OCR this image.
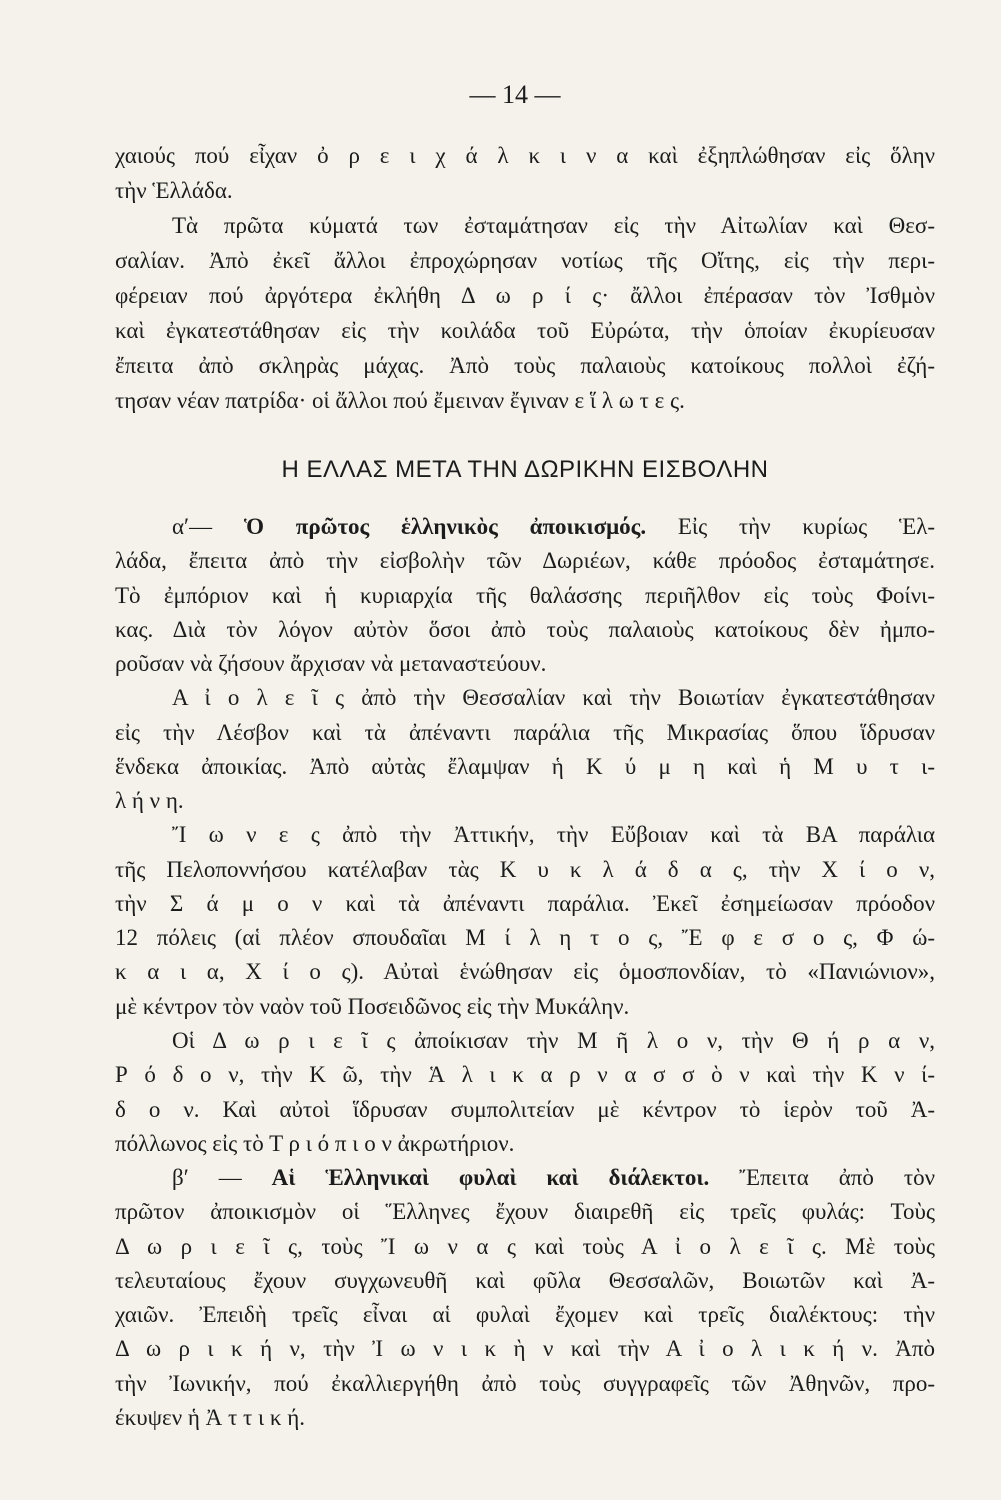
— 14 —
χαιούς πού εἶχαν ὀ ρ ε ι χ ά λ κ ι ν α καὶ ἐξηπλώθησαν εἰς ὅλην
τὴν Ἑλλάδα.
Τὰ πρῶτα κύματά των ἐσταμάτησαν εἰς τὴν Αἰτωλίαν καὶ Θεσ-
σαλίαν. Ἀπὸ ἐκεῖ ἄλλοι ἐπροχώρησαν νοτίως τῆς Οἴτης, εἰς τὴν περι-
φέρειαν πού ἀργότερα ἐκλήθη Δ ω ρ ί ς· ἄλλοι ἐπέρασαν τὸν Ἰσθμὸν
καὶ ἐγκατεστάθησαν εἰς τὴν κοιλάδα τοῦ Εὐρώτα, τὴν ὁποίαν ἐκυρίευσαν
ἔπειτα ἀπὸ σκληρὰς μάχας. Ἀπὸ τοὺς παλαιοὺς κατοίκους πολλοὶ ἐζή-
τησαν νέαν πατρίδα· οἱ ἄλλοι πού ἔμειναν ἔγιναν ε ἵ λ ω τ ε ς.
Η ΕΛΛΑΣ ΜΕΤΑ ΤΗΝ ΔΩΡΙΚΗΝ ΕΙΣΒΟΛΗΝ
α′— Ὁ πρῶτος ἑλληνικὸς ἀποικισμός. Εἰς τὴν κυρίως Ἑλ-
λάδα, ἔπειτα ἀπὸ τὴν εἰσβολὴν τῶν Δωριέων, κάθε πρόοδος ἐσταμάτησε.
Τὸ ἐμπόριον καὶ ἡ κυριαρχία τῆς θαλάσσης περιῆλθον εἰς τοὺς Φοίνι-
κας. Διὰ τὸν λόγον αὐτὸν ὅσοι ἀπὸ τοὺς παλαιοὺς κατοίκους δὲν ἠμπο-
ροῦσαν νὰ ζήσουν ἄρχισαν νὰ μεταναστεύουν.
Α ἰ ο λ ε ῖ ς ἀπὸ τὴν Θεσσαλίαν καὶ τὴν Βοιωτίαν ἐγκατεστάθησαν
εἰς τὴν Λέσβον καὶ τὰ ἀπέναντι παράλια τῆς Μικρασίας ὅπου ἵδρυσαν
ἕνδεκα ἀποικίας. Ἀπὸ αὐτὰς ἔλαμψαν ἡ Κ ύ μ η καὶ ἡ Μ υ τ ι-
λ ή ν η.
Ἴ ω ν ε ς ἀπὸ τὴν Ἀττικήν, τὴν Εὔβοιαν καὶ τὰ ΒΑ παράλια
τῆς Πελοποννήσου κατέλαβαν τὰς Κ υ κ λ ά δ α ς, τὴν Χ ί ο ν,
τὴν Σ ά μ ο ν καὶ τὰ ἀπέναντι παράλια. Ἐκεῖ ἐσημείωσαν πρόοδον
12 πόλεις (αἱ πλέον σπουδαῖαι Μ ί λ η τ ο ς, Ἔ φ ε σ ο ς, Φ ώ-
κ α ι α, Χ ί ο ς). Αὐταὶ ἑνώθησαν εἰς ὁμοσπονδίαν, τὸ «Πανιώνιον»,
μὲ κέντρον τὸν ναὸν τοῦ Ποσειδῶνος εἰς τὴν Μυκάλην.
Οἱ Δ ω ρ ι ε ῖ ς ἀποίκισαν τὴν Μ ῆ λ ο ν, τὴν Θ ή ρ α ν,
Ρ ό δ ο ν, τὴν Κ ῶ, τὴν Ἁ λ ι κ α ρ ν α σ σ ὸ ν καὶ τὴν Κ ν ί-
δ ο ν. Καὶ αὐτοὶ ἵδρυσαν συμπολιτείαν μὲ κέντρον τὸ ἱερὸν τοῦ Ἀ-
πόλλωνος εἰς τὸ Τ ρ ι ό π ι ο ν ἀκρωτήριον.
β′ — Αἱ Ἑλληνικαὶ φυλαὶ καὶ διάλεκτοι. Ἔπειτα ἀπὸ τὸν
πρῶτον ἀποικισμὸν οἱ Ἕλληνες ἔχουν διαιρεθῆ εἰς τρεῖς φυλάς: Τοὺς
Δ ω ρ ι ε ῖ ς, τοὺς Ἴ ω ν α ς καὶ τοὺς Α ἰ ο λ ε ῖ ς. Μὲ τοὺς
τελευταίους ἔχουν συγχωνευθῆ καὶ φῦλα Θεσσαλῶν, Βοιωτῶν καὶ Ἀ-
χαιῶν. Ἐπειδὴ τρεῖς εἶναι αἱ φυλαὶ ἔχομεν καὶ τρεῖς διαλέκτους: τὴν
Δ ω ρ ι κ ή ν, τὴν Ἰ ω ν ι κ ὴ ν καὶ τὴν Α ἰ ο λ ι κ ή ν. Ἀπὸ
τὴν Ἰωνικήν, πού ἐκαλλιεργήθη ἀπὸ τοὺς συγγραφεῖς τῶν Ἀθηνῶν, προ-
έκυψεν ἡ Ἀ τ τ ι κ ή.
